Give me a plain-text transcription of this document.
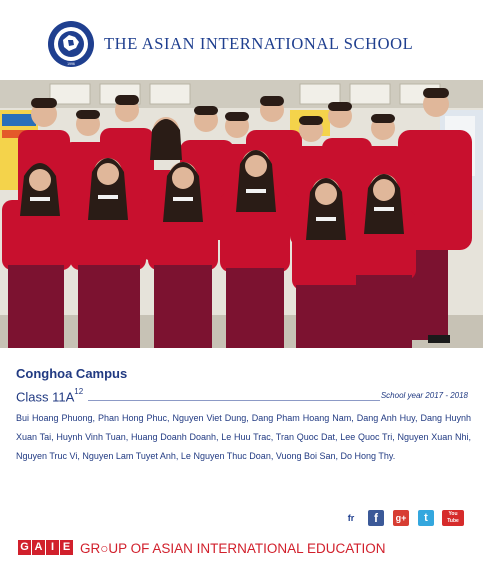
1996
THE ASIAN INTERNATIONAL SCHOOL
Conghoa Campus
Class $11A^{12}$	School year 2017 - 2018
Bui Hoang Phuong, Phan Hong Phuc, Nguyen Viet Dung, Dang Pham Hoang Nam, Dang Anh Huy, Dang Huynh Xuan Tai, Huynh Vinh Tuan, Huang Doanh Doanh, Le Huu Trac, Tran Quoc Dat, Lee Quoc Tri, Nguyen Xuan Nhi, Nguyen Truc Vi, Nguyen Lam Tuyet Anh, Le Nguyen Thuc Doan, Vuong Boi San, Do Hong Thy.
fr	f	g+	t	You Tube
G A I E GR○UP OF ASIAN INTERNATIONAL EDUCATION
